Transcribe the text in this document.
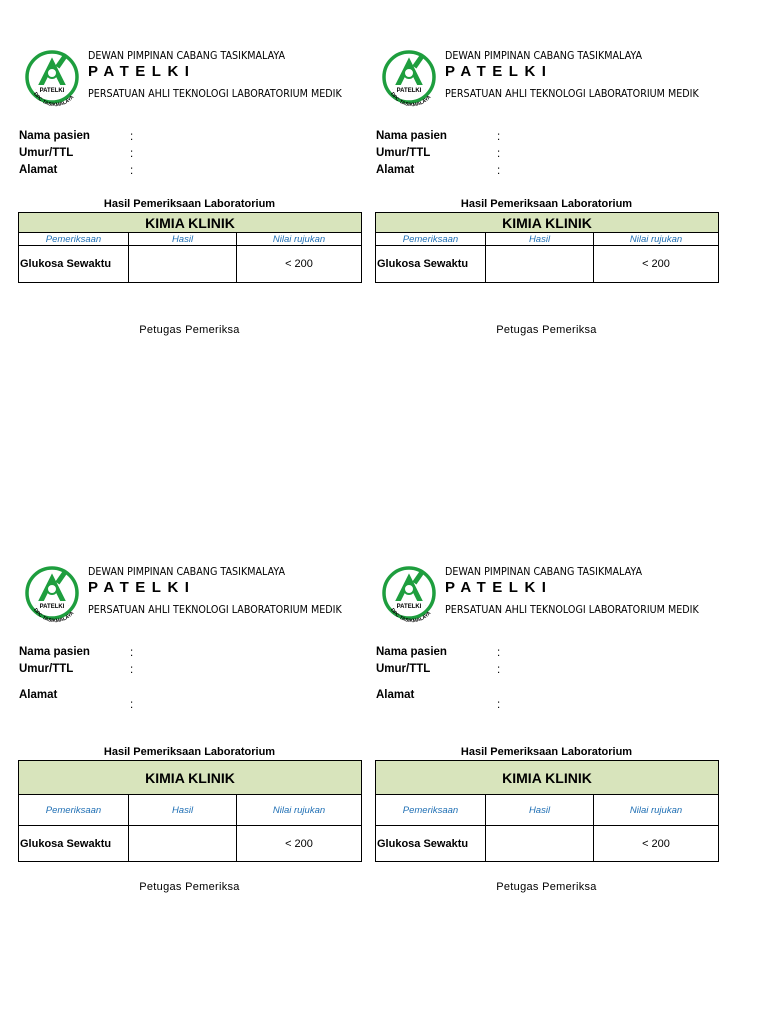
PATELKI
DPC TASIKMALAYA
DEWAN PIMPINAN CABANG TASIKMALAYA
PATELKI
PERSATUAN AHLI TEKNOLOGI LABORATORIUM MEDIK
Nama pasien	:
Umur/TTL	:
Alamat	:
Hasil Pemeriksaan Laboratorium
KIMIA KLINIK		
Pemeriksaan	Hasil	Nilai rujukan
Glukosa Sewaktu		< 200
Petugas Pemeriksa
PATELKI
DPC TASIKMALAYA
DEWAN PIMPINAN CABANG TASIKMALAYA
PATELKI
PERSATUAN AHLI TEKNOLOGI LABORATORIUM MEDIK
Nama pasien	:
Umur/TTL	:
Alamat	:
Hasil Pemeriksaan Laboratorium
KIMIA KLINIK		
Pemeriksaan	Hasil	Nilai rujukan
Glukosa Sewaktu		< 200
Petugas Pemeriksa
PATELKI
DPC TASIKMALAYA
DEWAN PIMPINAN CABANG TASIKMALAYA
PATELKI
PERSATUAN AHLI TEKNOLOGI LABORATORIUM MEDIK
Nama pasien	:
Umur/TTL	:
Alamat
:
Hasil Pemeriksaan Laboratorium
KIMIA KLINIK		
Pemeriksaan	Hasil	Nilai rujukan
Glukosa Sewaktu		< 200
Petugas Pemeriksa
PATELKI
DPC TASIKMALAYA
DEWAN PIMPINAN CABANG TASIKMALAYA
PATELKI
PERSATUAN AHLI TEKNOLOGI LABORATORIUM MEDIK
Nama pasien	:
Umur/TTL	:
Alamat
:
Hasil Pemeriksaan Laboratorium
KIMIA KLINIK		
Pemeriksaan	Hasil	Nilai rujukan
Glukosa Sewaktu		< 200
Petugas Pemeriksa
